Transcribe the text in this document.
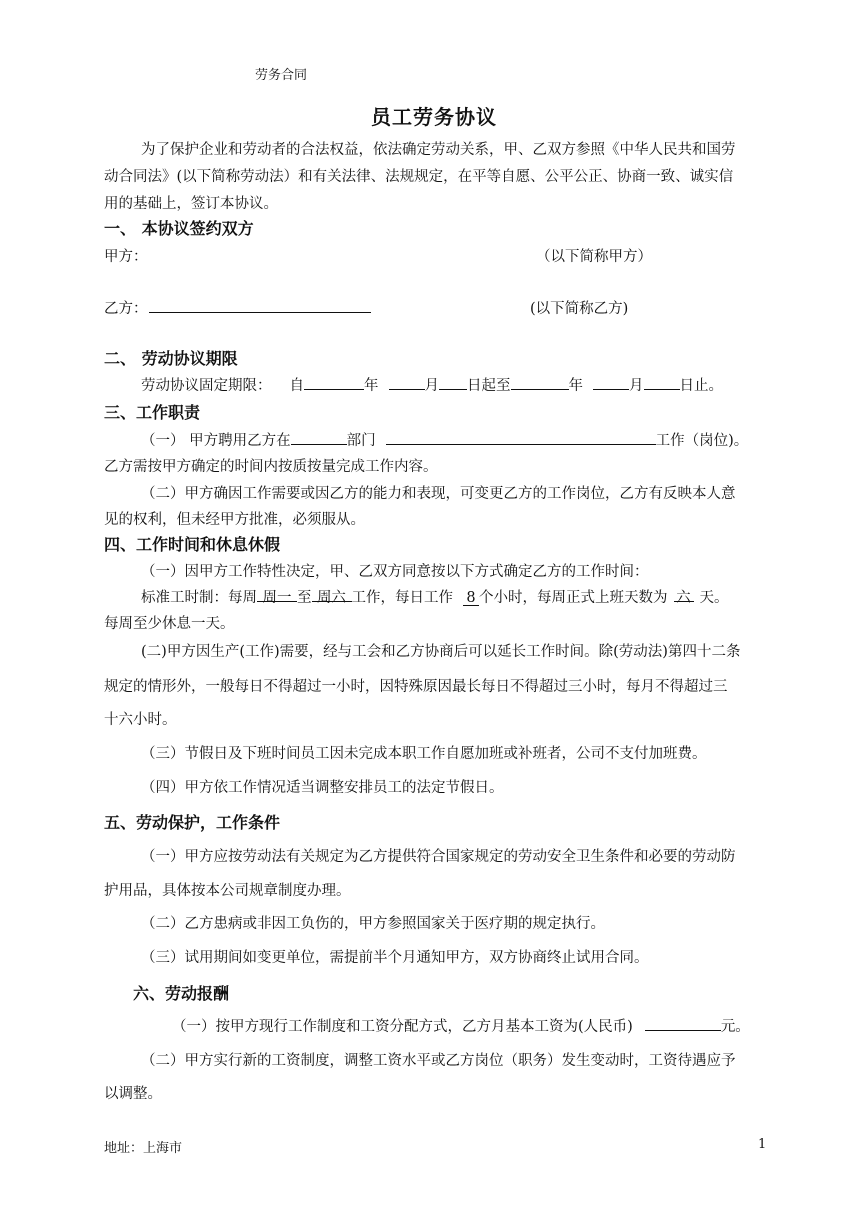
劳务合同
员工劳务协议
为了保护企业和劳动者的合法权益，依法确定劳动关系，甲、乙双方参照《中华人民共和国劳
动合同法》(以下简称劳动法）和有关法律、法规规定，在平等自愿、公平公正、协商一致、诚实信
用的基础上，签订本协议。
一、 本协议签约双方
甲方：	（以下简称甲方）
乙方：	(以下简称乙方)
二、 劳动协议期限
劳动协议固定期限： 自	年	月 日起至	年	月 日止。
三、工作职责
（一） 甲方聘用乙方在	部门	工作（岗位)。
乙方需按甲方确定的时间内按质按量完成工作内容。
（二）甲方确因工作需要或因乙方的能力和表现，可变更乙方的工作岗位，乙方有反映本人意
见的权利，但未经甲方批准，必须服从。
四、工作时间和休息休假
（一）因甲方工作特性决定，甲、乙双方同意按以下方式确定乙方的工作时间：
标准工时制：每周 周一 至 周六 工作，每日工作 8 个小时，每周正式上班天数为 六 天。
每周至少休息一天。
(二)甲方因生产(工作)需要，经与工会和乙方协商后可以延长工作时间。除(劳动法)第四十二条
规定的情形外，一般每日不得超过一小时，因特殊原因最长每日不得超过三小时，每月不得超过三
十六小时。
（三）节假日及下班时间员工因未完成本职工作自愿加班或补班者，公司不支付加班费。
（四）甲方依工作情况适当调整安排员工的法定节假日。
五、劳动保护，工作条件
（一）甲方应按劳动法有关规定为乙方提供符合国家规定的劳动安全卫生条件和必要的劳动防
护用品，具体按本公司规章制度办理。
（二）乙方患病或非因工负伤的，甲方参照国家关于医疗期的规定执行。
（三）试用期间如变更单位，需提前半个月通知甲方，双方协商终止试用合同。
六、劳动报酬
（一）按甲方现行工作制度和工资分配方式，乙方月基本工资为(人民币)	元。
（二）甲方实行新的工资制度，调整工资水平或乙方岗位（职务）发生变动时，工资待遇应予
以调整。
地址：上海市	1
